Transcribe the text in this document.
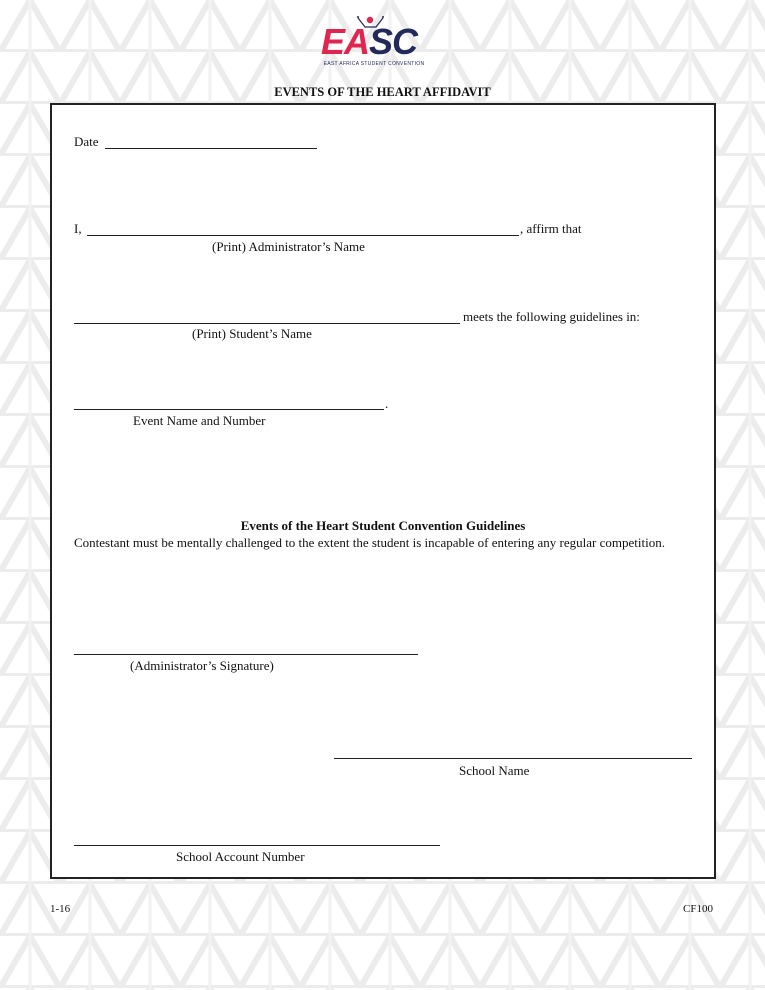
EASC
EAST AFRICA STUDENT CONVENTION
EVENTS OF THE HEART AFFIDAVIT
Date
I,	, affirm that
(Print) Administrator’s Name
meets the following guidelines in:
(Print) Student’s Name
.
Event Name and Number
Events of the Heart Student Convention Guidelines
Contestant must be mentally challenged to the extent the student is incapable of entering any regular competition.
(Administrator’s Signature)
School Name
School Account Number
1-16	CF100
